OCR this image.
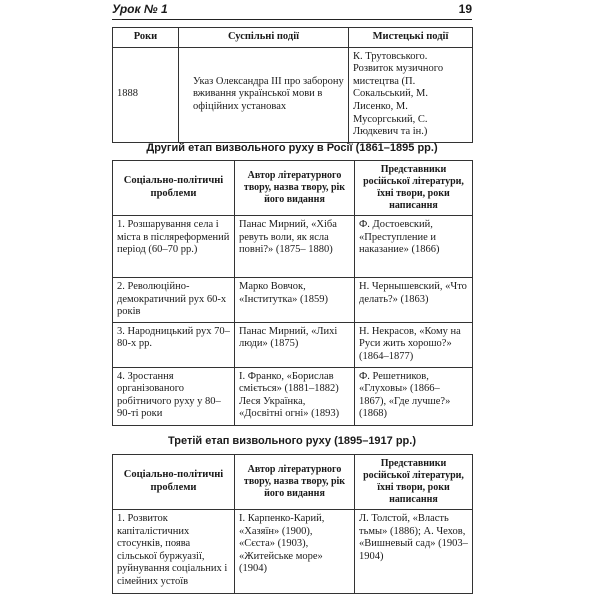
Урок № 1	19
Роки	Суспільні події	Мистецькі події
1888	Указ Олександра ІІІ про заборону вживання української мови в офіційних установах	К. Трутовського. Розвиток музичного мистецтва (П. Сокальський, М. Лисенко, М. Мусоргський, С. Людкевич та ін.)
Другий етап визвольного руху в Росії (1861–1895 рр.)
Соціально-політичні проблеми	Автор літературного твору, назва твору, рік його видання	Представники російської літератури, їхні твори, роки написання
1. Розшарування села і міста в післяреформений період (60–70 рр.)	Панас Мирний, «Хіба ревуть воли, як ясла повні?» (1875– 1880)	Ф. Достоевский, «Преступление и наказание» (1866)
2. Революційно-демократичний рух 60-х років	Марко Вовчок, «Інститутка» (1859)	Н. Чернышевский, «Что делать?» (1863)
3. Народницький рух 70–80-х рр.	Панас Мирний, «Лихі люди» (1875)	Н. Некрасов, «Кому на Руси жить хорошо?» (1864–1877)
4. Зростання організованого робітничого руху у 80–90-ті роки	І. Франко, «Борислав сміється» (1881–1882) Леся Українка, «Досвітні огні» (1893)	Ф. Решетников, «Глуховы» (1866– 1867), «Где лучше?» (1868)
Третій етап визвольного руху (1895–1917 рр.)
Соціально-політичні проблеми	Автор літературного твору, назва твору, рік його видання	Представники російської літератури, їхні твори, роки написання
1. Розвиток капіталістичних стосунків, поява сільської буржуазії, руйнування соціальних і сімейних устоїв	І. Карпенко-Карий, «Хазяїн» (1900), «Сєста» (1903), «Житейське море» (1904)	Л. Толстой, «Власть тьмы» (1886); А. Чехов, «Вишневый сад» (1903–1904)
